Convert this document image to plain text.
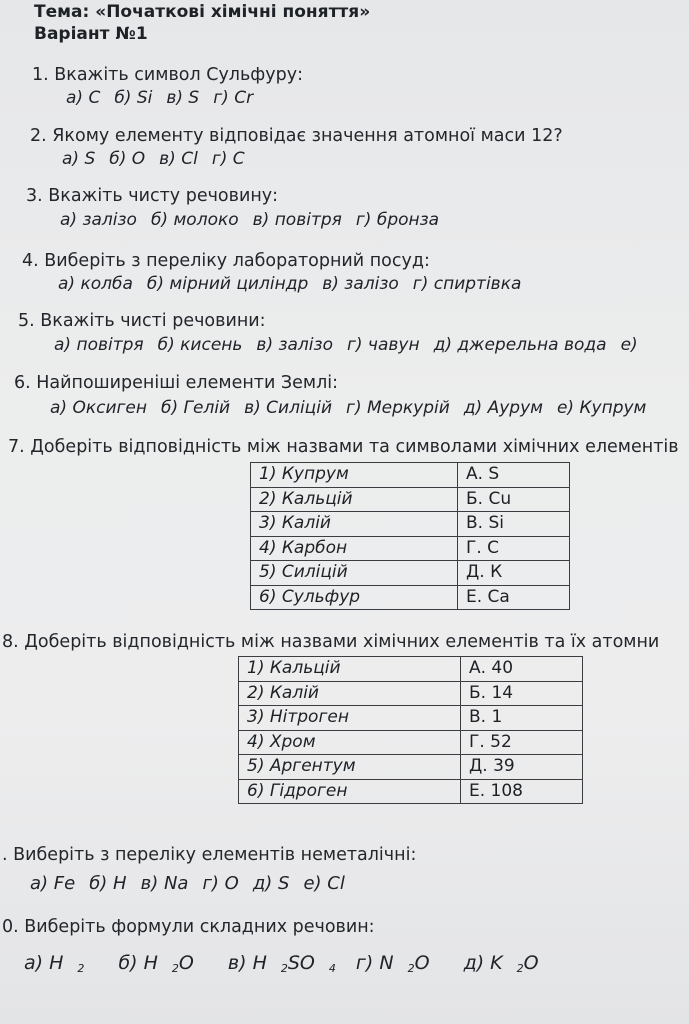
Тема: «Початкові хімічні поняття»
Варіант №1
1. Вкажіть символ Сульфуру:
а) С б) Si в) S г) Cr
2. Якому елементу відповідає значення атомної маси 12?
а) S б) О в) Cl г) С
3. Вкажіть чисту речовину:
а) залізо б) молоко в) повітря г) бронза
4. Виберіть з переліку лабораторний посуд:
а) колба б) мірний циліндр в) залізо г) спиртівка
5. Вкажіть чисті речовини:
а) повітря б) кисень в) залізо г) чавун д) джерельна вода е)
6. Найпоширеніші елементи Землі:
а) Оксиген б) Гелій в) Силіцій г) Меркурій д) Аурум е) Купрум
7. Доберіть відповідність між назвами та символами хімічних елементів
1) Купрум	А. S
2) Кальцій	Б. Cu
3) Калій	В. Si
4) Карбон	Г. С
5) Силіцій	Д. К
6) Сульфур	Е. Са
8. Доберіть відповідність між назвами хімічних елементів та їх атомни
1) Кальцій	А. 40
2) Калій	Б. 14
3) Нітроген	В. 1
4) Хром	Г. 52
5) Аргентум	Д. 39
6) Гідроген	Е. 108
. Виберіть з переліку елементів неметалічні:
а) Fe б) Н в) Na г) O д) S е) Cl
0. Виберіть формули складних речовин:
а) H $_2$ б) H $_2$O в) H $_2$SO $_4$ г) N $_2$O д) K $_2$O
